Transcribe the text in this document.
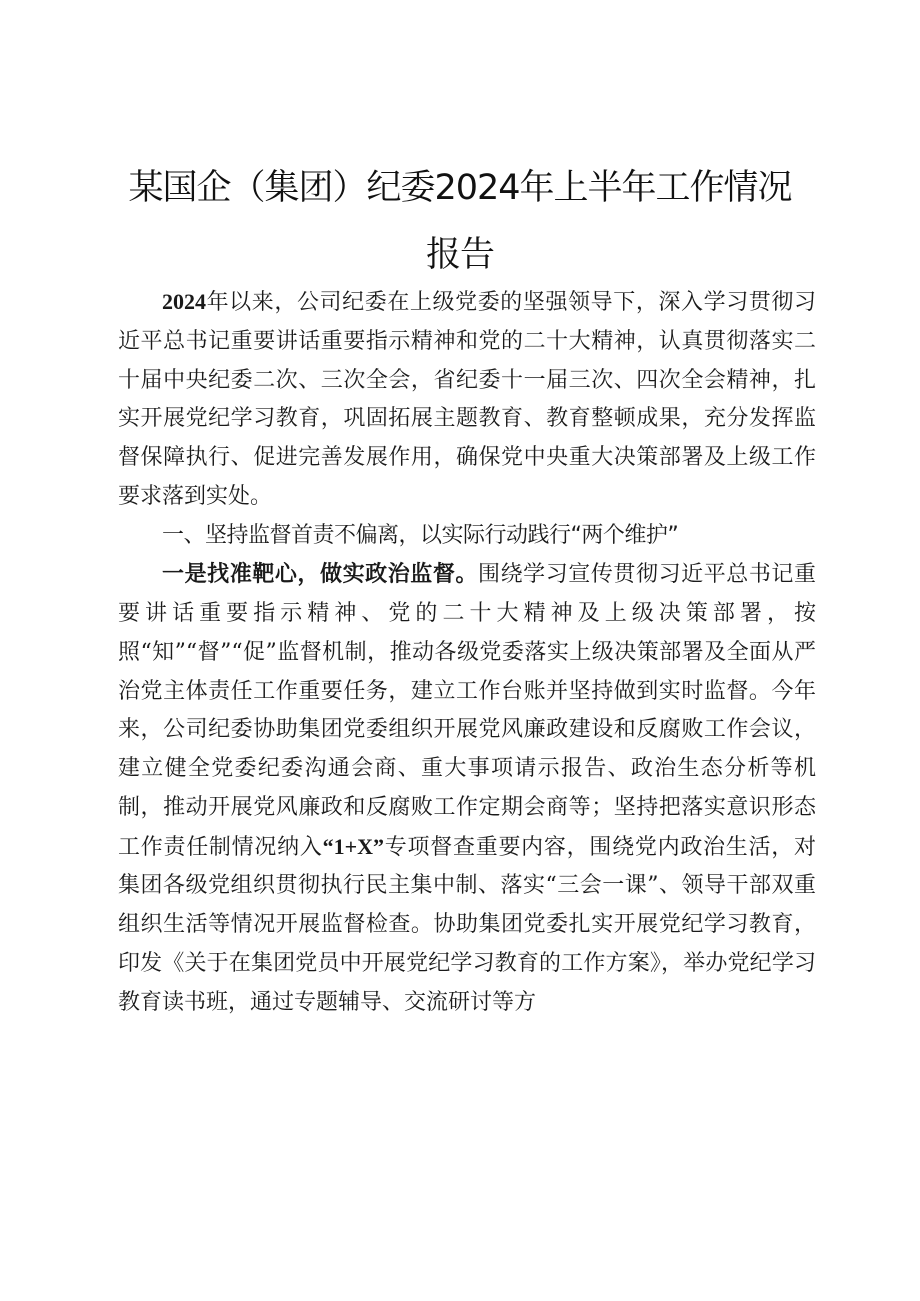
某国企（集团）纪委2024年上半年工作情况
报告

2024年以来，公司纪委在上级党委的坚强领导下，深入学习贯彻习近平总书记重要讲话重要指示精神和党的二十大精神，认真贯彻落实二十届中央纪委二次、三次全会，省纪委十一届三次、四次全会精神，扎实开展党纪学习教育，巩固拓展主题教育、教育整顿成果，充分发挥监督保障执行、促进完善发展作用，确保党中央重大决策部署及上级工作要求落到实处。

一、坚持监督首责不偏离，以实际行动践行“两个维护”

一是找准靶心，做实政治监督。围绕学习宣传贯彻习近平总书记重要讲话重要指示精神、党的二十大精神及上级决策部署，按照“知”“督”“促”监督机制，推动各级党委落实上级决策部署及全面从严治党主体责任工作重要任务，建立工作台账并坚持做到实时监督。今年来，公司纪委协助集团党委组织开展党风廉政建设和反腐败工作会议，建立健全党委纪委沟通会商、重大事项请示报告、政治生态分析等机制，推动开展党风廉政和反腐败工作定期会商等；坚持把落实意识形态工作责任制情况纳入“1+X”专项督查重要内容，围绕党内政治生活，对集团各级党组织贯彻执行民主集中制、落实“三会一课”、领导干部双重组织生活等情况开展监督检查。协助集团党委扎实开展党纪学习教育，印发《关于在集团党员中开展党纪学习教育的工作方案》，举办党纪学习教育读书班，通过专题辅导、交流研讨等方
